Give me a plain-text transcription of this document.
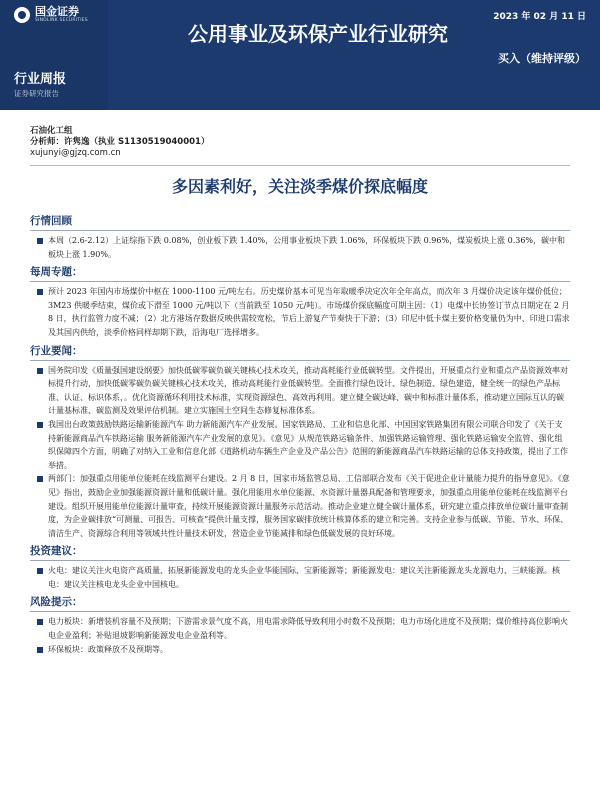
国金证券
SINOLINK SECURITIES
行业周报
证券研究报告
公用事业及环保产业行业研究
2023 年 02 月 11 日
买入（维持评级）
石油化工组
分析师：许隽逸（执业 S1130519040001）
xujunyi@gjzq.com.cn
多因素利好，关注淡季煤价探底幅度
行情回顾
本周（2.6-2.12）上证综指下跌 0.08%，创业板下跌 1.40%，公用事业板块下跌 1.06%，环保板块下跌 0.96%，煤炭板块上涨 0.36%，碳中和板块上涨 1.90%。
每周专题：
预计 2023 年国内市场煤价中枢在 1000-1100 元/吨左右。历史煤价基本可见当年取暖季决定次年全年高点，而次年 3 月煤价决定该年煤价低位；3M23 供暖季结束，煤价或下滑至 1000 元/吨以下（当前跌至 1050 元/吨）。市场煤价探底幅度可期主因：（1）电煤中长协签订节点日期定在 2 月 8 日，执行监管力度不减；（2）北方港场存数据反映供需较宽松，节后上游复产节奏快于下游；（3）印尼中低卡煤主要价格变量仍为中、印进口需求及其国内供给，淡季价格同样却期下跌，沿海电厂选择增多。
行业要闻：
国务院印发《质量强国建设纲要》加快低碳零碳负碳关键核心技术攻关，推动高耗能行业低碳转型。文件提出，开展重点行业和重点产品资源效率对标提升行动，加快低碳零碳负碳关键核心技术攻关，推动高耗能行业低碳转型。全面推行绿色设计、绿色制造、绿色建造，健全统一的绿色产品标准、认证、标识体系，。优化资源循环利用技术标准，实现资源绿色、高效再利用。建立健全碳达峰、碳中和标准计量体系，推动建立国际互认的碳计量基标准、碳监测及效果评估机制。建立实施国土空间生态修复标准体系。
我国出台政策鼓励铁路运输新能源汽车 助力新能源汽车产业发展。国家铁路局、工业和信息化部、中国国家铁路集团有限公司联合印发了《关于支持新能源商品汽车铁路运输 服务新能源汽车产业发展的意见》。《意见》从规范铁路运输条件、加强铁路运输管理、强化铁路运输安全监管、强化组织保障四个方面，明确了对纳入工业和信息化部《道路机动车辆生产企业及产品公告》范围的新能源商品汽车铁路运输的总体支持政策，提出了工作举措。
两部门：加强重点用能单位能耗在线监测平台建设。2 月 8 日，国家市场监管总局、工信部联合发布《关于促进企业计量能力提升的指导意见》。《意见》指出，鼓励企业加强能源资源计量和低碳计量。强化用能用水单位能源、水资源计量器具配备和管理要求，加强重点用能单位能耗在线监测平台建设。组织开展用能单位能源计量审查，持续开展能源资源计量服务示范活动。推动企业建立健全碳计量体系，研究建立重点排放单位碳计量审查制度，为企业碳排放“可测量、可报告、可核查”提供计量支撑，服务国家碳排放统计核算体系的建立和完善。支持企业参与低碳、节能、节水、环保、清洁生产、资源综合利用等领域共性计量技术研发，营造企业节能减排和绿色低碳发展的良好环境。
投资建议：
火电：建议关注火电资产高质量、拓展新能源发电的龙头企业华能国际、宝新能源等；新能源发电：建议关注新能源龙头龙源电力、三峡能源。核电：建议关注核电龙头企业中国核电。
风险提示：
电力板块：新增装机容量不及预期；下游需求景气度不高，用电需求降低导致利用小时数不及预期；电力市场化进度不及预期；煤价维持高位影响火电企业盈利；补贴退坡影响新能源发电企业盈利等。
环保板块：政策释放不及预期等。
